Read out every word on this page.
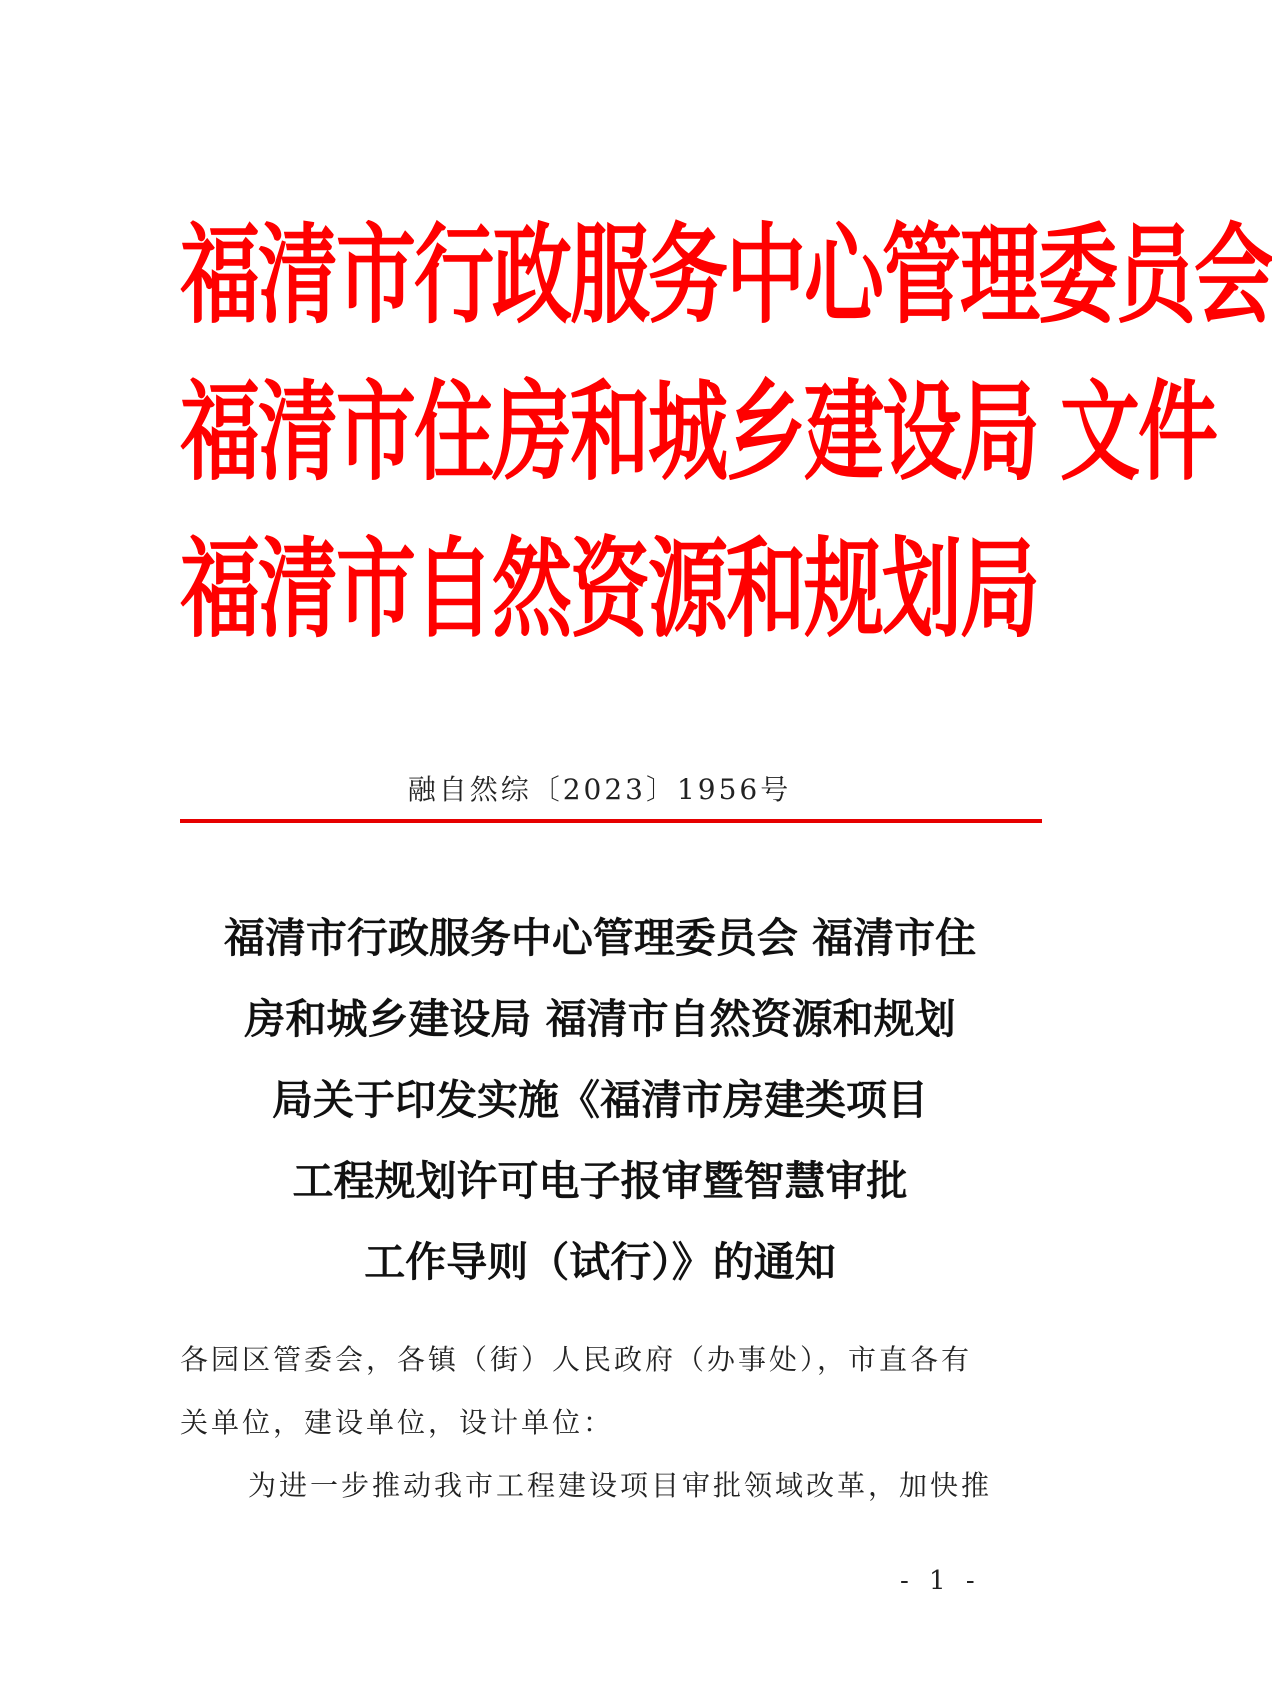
福清市行政服务中心管理委员会
福清市住房和城乡建设局 文件
福清市自然资源和规划局
融自然综〔2023〕1956号
福清市行政服务中心管理委员会 福清市住
房和城乡建设局 福清市自然资源和规划
局关于印发实施《福清市房建类项目
工程规划许可电子报审暨智慧审批
工作导则（试行）》的通知
各园区管委会，各镇（街）人民政府（办事处），市直各有
关单位，建设单位，设计单位：
为进一步推动我市工程建设项目审批领域改革，加快推
- 1 -
